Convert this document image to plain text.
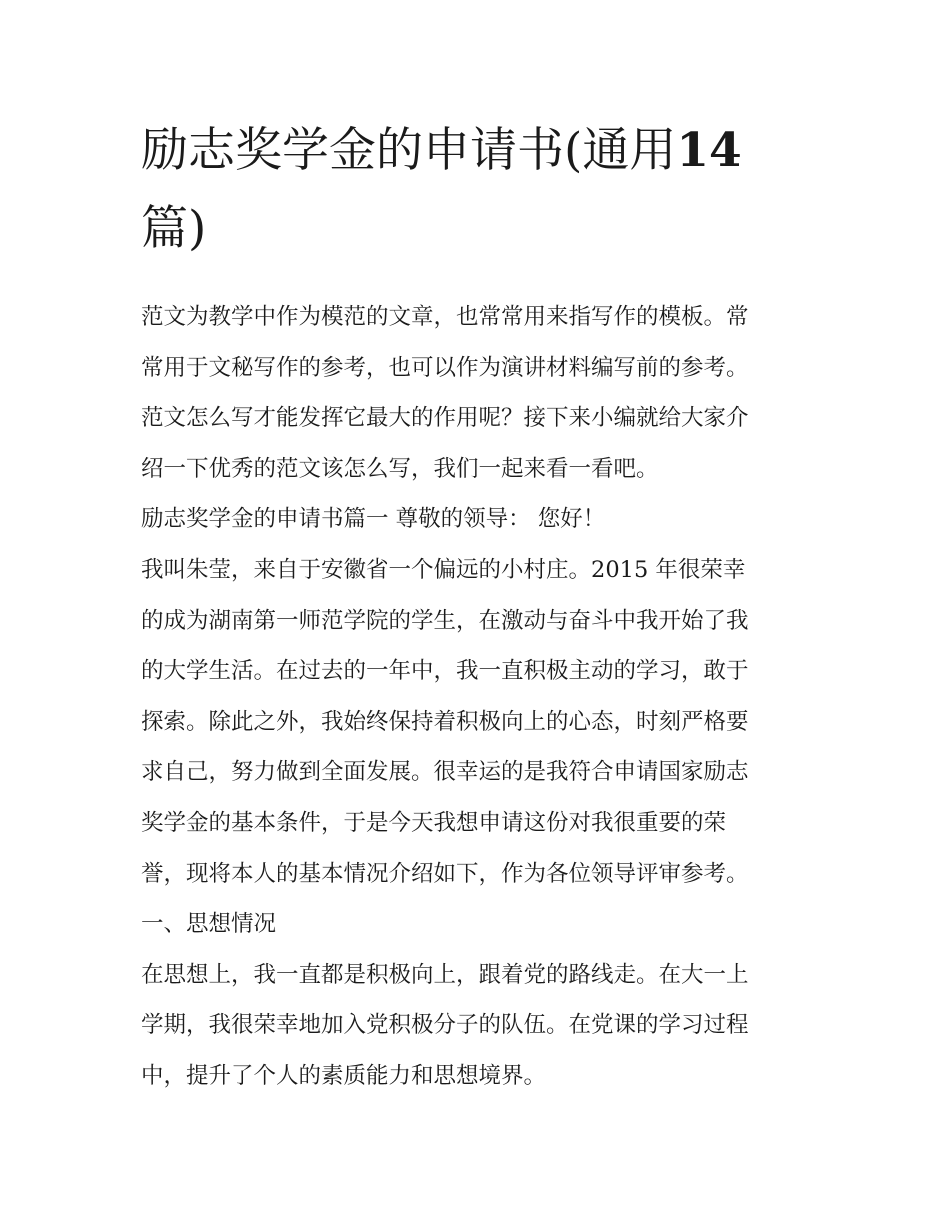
励志奖学金的申请书(通用14
篇)
范文为教学中作为模范的文章，也常常用来指写作的模板。常
常用于文秘写作的参考，也可以作为演讲材料编写前的参考。
范文怎么写才能发挥它最大的作用呢？接下来小编就给大家介
绍一下优秀的范文该怎么写，我们一起来看一看吧。
励志奖学金的申请书篇一 尊敬的领导： 您好！
我叫朱莹，来自于安徽省一个偏远的小村庄。2015 年很荣幸
的成为湖南第一师范学院的学生，在激动与奋斗中我开始了我
的大学生活。在过去的一年中，我一直积极主动的学习，敢于
探索。除此之外，我始终保持着积极向上的心态，时刻严格要
求自己，努力做到全面发展。很幸运的是我符合申请国家励志
奖学金的基本条件，于是今天我想申请这份对我很重要的荣
誉，现将本人的基本情况介绍如下，作为各位领导评审参考。
一、思想情况
在思想上，我一直都是积极向上，跟着党的路线走。在大一上
学期，我很荣幸地加入党积极分子的队伍。在党课的学习过程
中，提升了个人的素质能力和思想境界。
